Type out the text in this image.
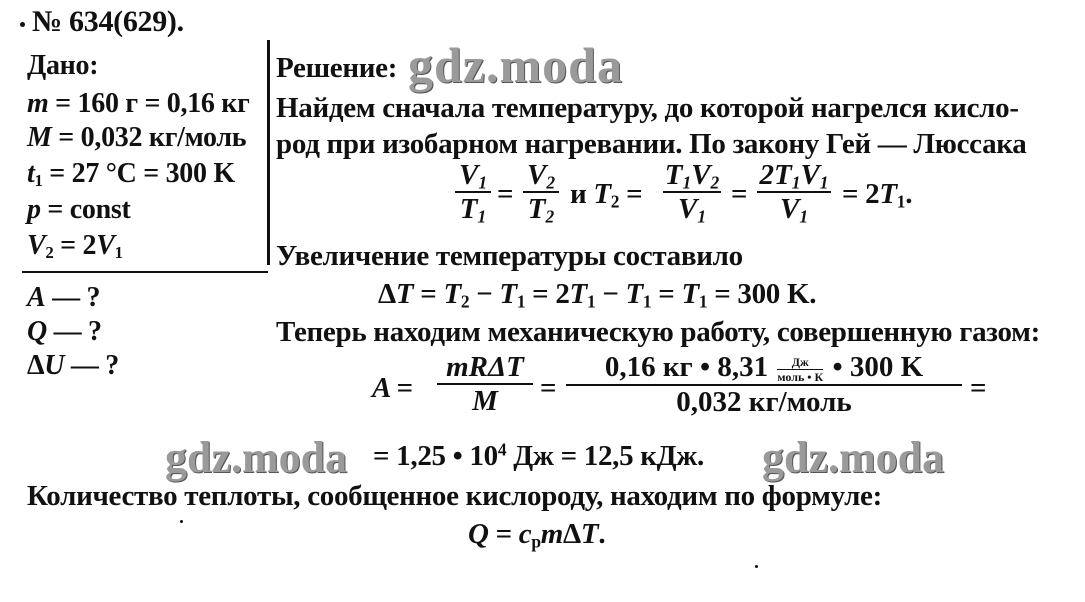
№ 634(629).
Дано:
m = 160 г = 0,16 кг
M = 0,032 кг/моль
$t_1 = 27$ °C = 300 K
p = const
$V_2 = 2V_1$
A — ?
Q — ?
ΔU — ?
Решение:
Найдем сначала температуру, до которой нагрелся кисло-
род при изобарном нагревании. По закону Гей — Люссака
$V_1$
$T_1$
=
$V_2$
$T_2$
и $T_2$ =
$T_1V_2$
$V_1$
=
$2T_1V_1$
$V_1$
= $2T_1$.
Увеличение температуры составило
$\Delta T = T_2 - T_1 = 2T_1 - T_1 = T_1 = 300$ K.
Теперь находим механическую работу, совершенную газом:
A =
mRΔT
M	=
0,16 кг • $8,31 \frac{Дж}{\text{моль • К}}$ • 300 K
0,032 кг/моль	=
= 1,25 • $10^4$ Дж = 12,5 кДж.
Количество теплоты, сообщенное кислороду, находим по формуле:
$Q = c_pm\Delta T$.
gdz.moda
gdz.moda	gdz.moda
